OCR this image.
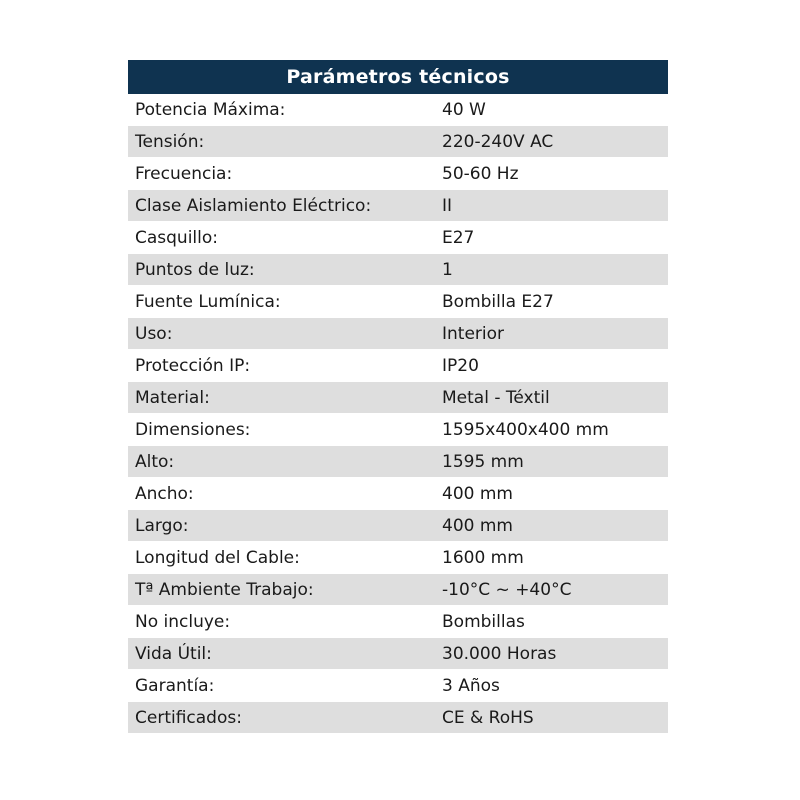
Parámetros técnicos
Potencia Máxima:	40 W
Tensión:	220-240V AC
Frecuencia:	50-60 Hz
Clase Aislamiento Eléctrico:	II
Casquillo:	E27
Puntos de luz:	1
Fuente Lumínica:	Bombilla E27
Uso:	Interior
Protección IP:	IP20
Material:	Metal - Téxtil
Dimensiones:	1595x400x400 mm
Alto:	1595 mm
Ancho:	400 mm
Largo:	400 mm
Longitud del Cable:	1600 mm
Tª Ambiente Trabajo:	-10°C ~ +40°C
No incluye:	Bombillas
Vida Útil:	30.000 Horas
Garantía:	3 Años
Certificados:	CE & RoHS
